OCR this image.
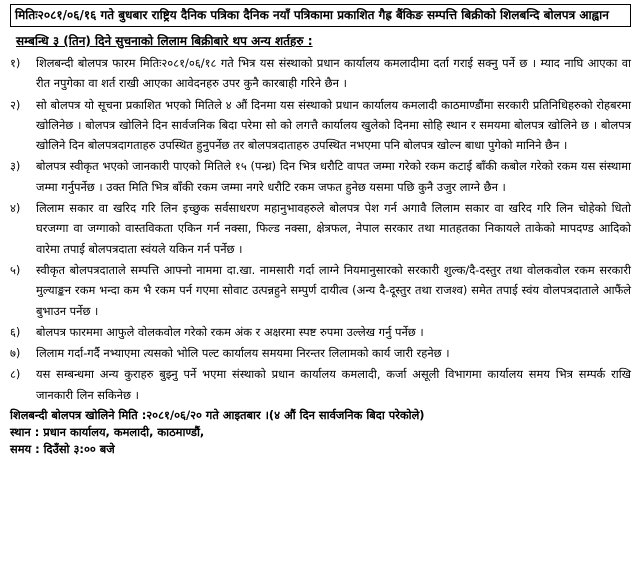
मितिः२०८१/०६/१६ गते बुधबार राष्ट्रिय दैनिक पत्रिका दैनिक नयाँ पत्रिकामा प्रकाशित गैह्र बैंकिङ सम्पत्ति बिक्रीको शिलबन्दि बोलपत्र आह्वान
सम्बन्धि ३ (तिन) दिने सुचनाको लिलाम बिक्रीबारे थप अन्य शर्तहरु :
१)	शिलबन्दी बोलपत्र फारम मितिः२०८१/०६/१८ गते भित्र यस संस्थाको प्रधान कार्यालय कमलादीमा दर्ता गराई सक्नु पर्ने छ । म्याद नाघि आएका वा रीत नपुगेका वा शर्त राखी आएका आवेदनहरु उपर कुनै कारबाही गरिने छैन ।
२)	सो बोलपत्र यो सूचना प्रकाशित भएको मितिले ४ औं दिनमा यस संस्थाको प्रधान कार्यालय कमलादी काठमाण्डौंमा सरकारी प्रतिनिधिहरुको रोहबरमा खोलिनेछ । बोलपत्र खोलिने दिन सार्वजनिक बिदा परेमा सो को लगत्तै कार्यालय खुलेको दिनमा सोहि स्थान र समयमा बोलपत्र खोलिने छ । बोलपत्र खोलिने दिन बोलपत्रदागताहरु उपस्थित हुनुपर्नेछ तर बोलपत्रदाताहरु उपस्थित नभएमा पनि बोलपत्र खोल्न बाधा पुगेको मानिने छैन ।
३)	बोलपत्र स्वीकृत भएको जानकारी पाएको मितिले १५ (पन्ध्र) दिन भित्र धरौटि वापत जम्मा गरेको रकम कटाई बाँकी कबोल गरेको रकम यस संस्थामा जम्मा गर्नुपर्नेछ । उक्त मिति भित्र बाँकी रकम जम्मा नगरे धरौटि रकम जफत हुनेछ यसमा पछि कुनै उजुर लाग्ने छैन ।
४)	लिलाम सकार वा खरिद गरि लिन इच्छुक सर्वसाधरण महानुभावहरुले बोलपत्र पेश गर्न अगावै लिलाम सकार वा खरिद गरि लिन चोहेको धितो घरजग्गा वा जग्गाको वास्तविकता एकिन गर्न नक्सा, फिल्ड नक्सा, क्षेत्रफल, नेपाल सरकार तथा मातहतका निकायले ताकेको मापदण्ड आदिको वारेमा तपाई बोलपत्रदाता स्वंयले यकिन गर्न पर्नेछ ।
५)	स्वीकृत बोलपत्रदाताले सम्पत्ति आफ्नो नाममा दा.खा. नामसारी गर्दा लाग्ने नियमानुसारको सरकारी शुल्क/दै-दस्तुर तथा वोलकवोल रकम सरकारी मुल्याङ्कन रकम भन्दा कम भै रकम पर्न गएमा सोवाट उत्पन्नहुने सम्पुर्ण दायीत्व (अन्य दै-दूस्तुर तथा राजश्व) समेत तपाई स्वंय वोलपत्रदाताले आफैंले बुभाउन पर्नेछ ।
६)	बोलपत्र फारममा आफुले वोलकवोल गरेको रकम अंक र अक्षरमा स्पष्ट रुपमा उल्लेख गर्नु पर्नेछ ।
७)	लिलाम गर्दा-गर्दै नभ्याएमा त्यसको भोलि पल्ट कार्यालय समयमा निरन्तर लिलामको कार्य जारी रहनेछ ।
८)	यस सम्बन्धमा अन्य कुराहरु बुझ्नु पर्ने भएमा संस्थाको प्रधान कार्यालय कमलादी, कर्जा असूली विभागमा कार्यालय समय भित्र सम्पर्क राखि जानकारी लिन सकिनेछ ।
शिलबन्दी बोलपत्र खोलिने मिति :२०८१/०६/२० गते आइतबार ।(४ औं दिन सार्वजनिक बिदा परेकोले)
स्थान : प्रधान कार्यालय, कमलादी, काठमाण्डौं,
समय : दिउँसो ३:०० बजे
